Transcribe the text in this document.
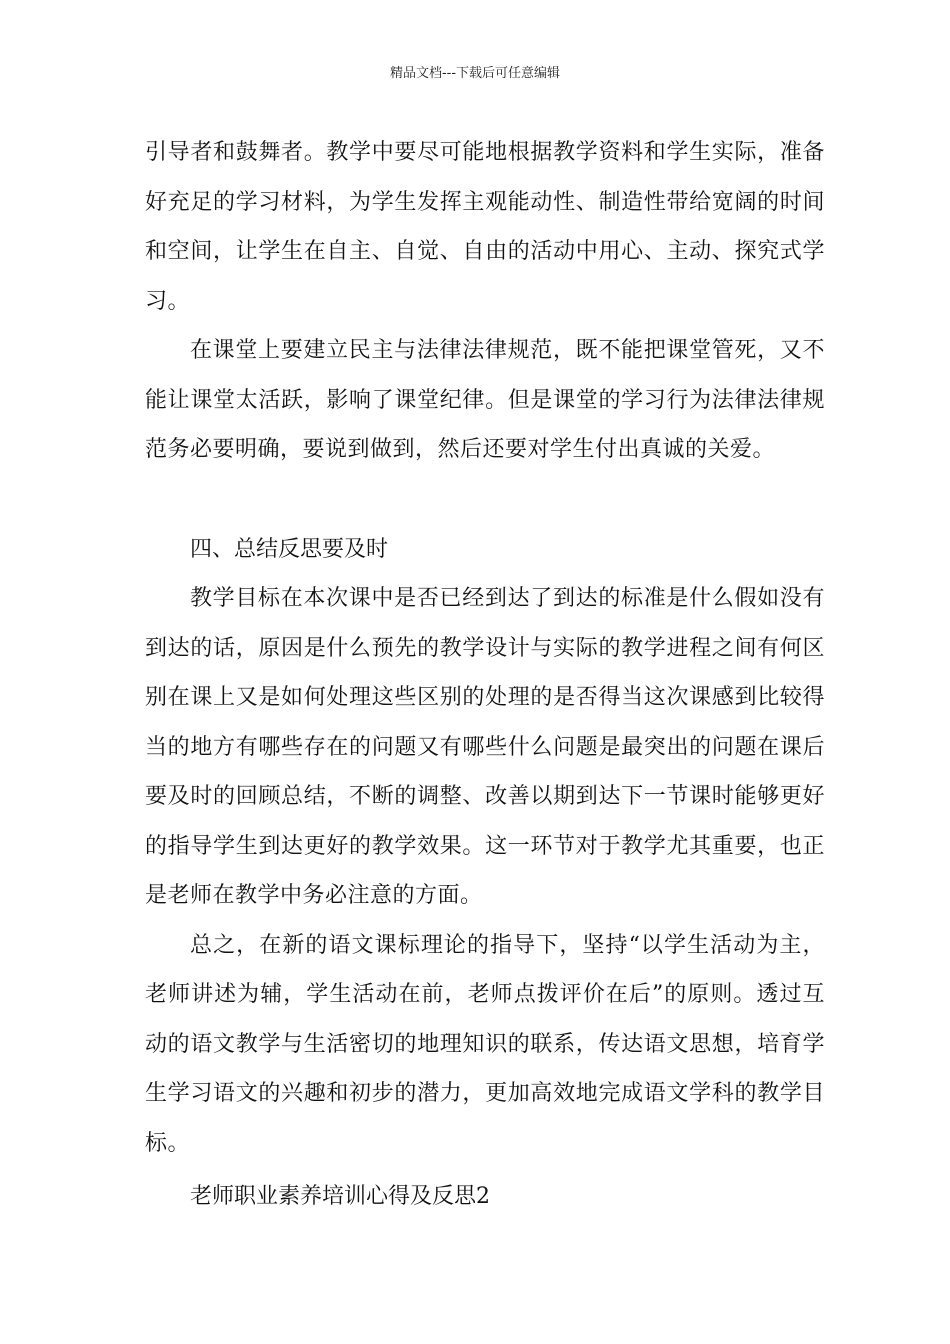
精品文档---下载后可任意编辑

引导者和鼓舞者。教学中要尽可能地根据教学资料和学生实际，准备好充足的学习材料，为学生发挥主观能动性、制造性带给宽阔的时间和空间，让学生在自主、自觉、自由的活动中用心、主动、探究式学习。

在课堂上要建立民主与法律法律规范，既不能把课堂管死，又不能让课堂太活跃，影响了课堂纪律。但是课堂的学习行为法律法律规范务必要明确，要说到做到，然后还要对学生付出真诚的关爱。

四、总结反思要及时

教学目标在本次课中是否已经到达了到达的标准是什么假如没有到达的话，原因是什么预先的教学设计与实际的教学进程之间有何区别在课上又是如何处理这些区别的处理的是否得当这次课感到比较得当的地方有哪些存在的问题又有哪些什么问题是最突出的问题在课后要及时的回顾总结，不断的调整、改善以期到达下一节课时能够更好的指导学生到达更好的教学效果。这一环节对于教学尤其重要，也正是老师在教学中务必注意的方面。

总之，在新的语文课标理论的指导下，坚持“以学生活动为主，老师讲述为辅，学生活动在前，老师点拨评价在后”的原则。透过互动的语文教学与生活密切的地理知识的联系，传达语文思想，培育学生学习语文的兴趣和初步的潜力，更加高效地完成语文学科的教学目标。

老师职业素养培训心得及反思2
